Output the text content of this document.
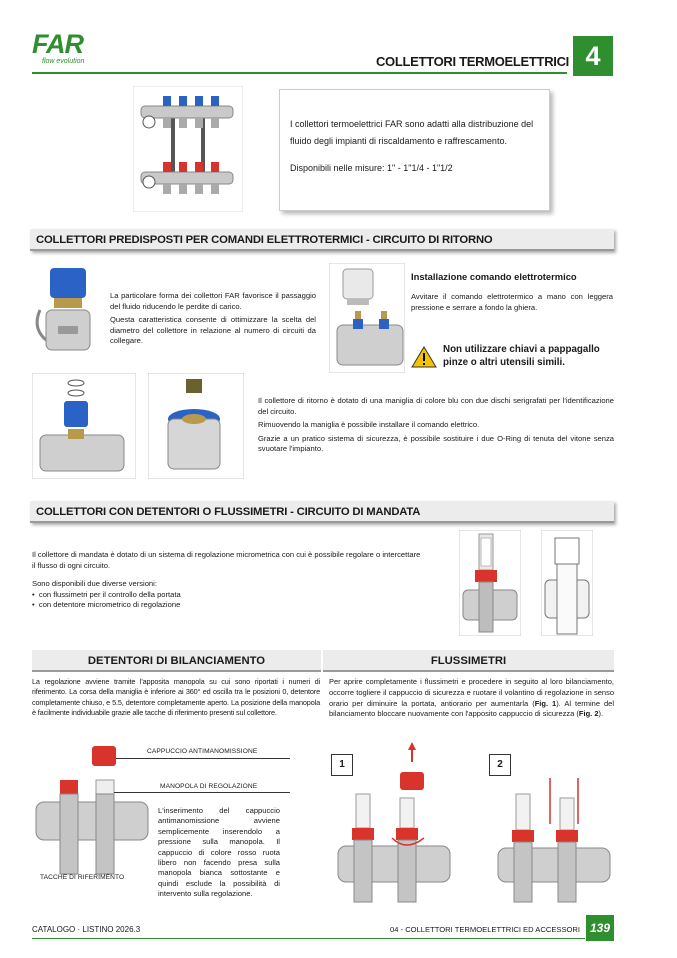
FAR
flow evolution	COLLETTORI TERMOELETTRICI 4

I collettori termoelettrici FAR sono adatti alla distribuzione del fluido degli impianti di riscaldamento e raffrescamento.

Disponibili nelle misure: 1" - 1"1/4 - 1"1/2

COLLETTORI PREDISPOSTI PER COMANDI ELETTROTERMICI - CIRCUITO DI RITORNO

La particolare forma dei collettori FAR favorisce il passaggio del fluido riducendo le perdite di carico.

Questa caratteristica consente di ottimizzare la scelta del diametro del collettore in relazione al numero di circuiti da collegare.

Installazione comando elettrotermico
Avvitare il comando elettrotermico a mano con leggera pressione e serrare a fondo la ghiera.
Non utilizzare chiavi a pappagallo pinze o altri utensili simili.

Il collettore di ritorno è dotato di una maniglia di colore blu con due dischi serigrafati per l'identificazione del circuito.

Rimuovendo la maniglia è possibile installare il comando elettrico.

Grazie a un pratico sistema di sicurezza, è possibile sostituire i due O-Ring di tenuta del vitone senza svuotare l'impianto.

COLLETTORI CON DETENTORI O FLUSSIMETRI - CIRCUITO DI MANDATA

Il collettore di mandata è dotato di un sistema di regolazione micrometrica con cui è possibile regolare o intercettare il flusso di ogni circuito.

Sono disponibili due diverse versioni:

•  con flussimetri per il controllo della portata

•  con detentore micrometrico di regolazione

DETENTORI DI BILANCIAMENTO	FLUSSIMETRI
La regolazione avviene tramite l'apposita manopola su cui sono riportati i numeri di riferimento. La corsa della maniglia è inferiore ai 360° ed oscilla tra le posizioni 0, detentore completamente chiuso, e 5.5, detentore completamente aperto. La posizione della manopola è facilmente individuabile grazie alle tacche di riferimento presenti sul collettore.
CAPPUCCIO ANTIMANOMISSIONE
MANOPOLA DI REGOLAZIONE
TACCHE DI RIFERIMENTO
L'inserimento del cappuccio antimanomissione avviene semplicemente inserendolo a pressione sulla manopola. Il cappuccio di colore rosso ruota libero non facendo presa sulla manopola bianca sottostante e quindi esclude la possibilità di intervento sulla regolazione.
Per aprire completamente i flussimetri e procedere in seguito al loro bilanciamento, occorre togliere il cappuccio di sicurezza e ruotare il volantino di regolazione in senso orario per diminuire la portata, antiorario per aumentarla (Fig. 1). Al termine del bilanciamento bloccare nuovamente con l'apposito cappuccio di sicurezza (Fig. 2).
1	2
CATALOGO · LISTINO 2026.3	04 - COLLETTORI TERMOELETTRICI ED ACCESSORI 139
